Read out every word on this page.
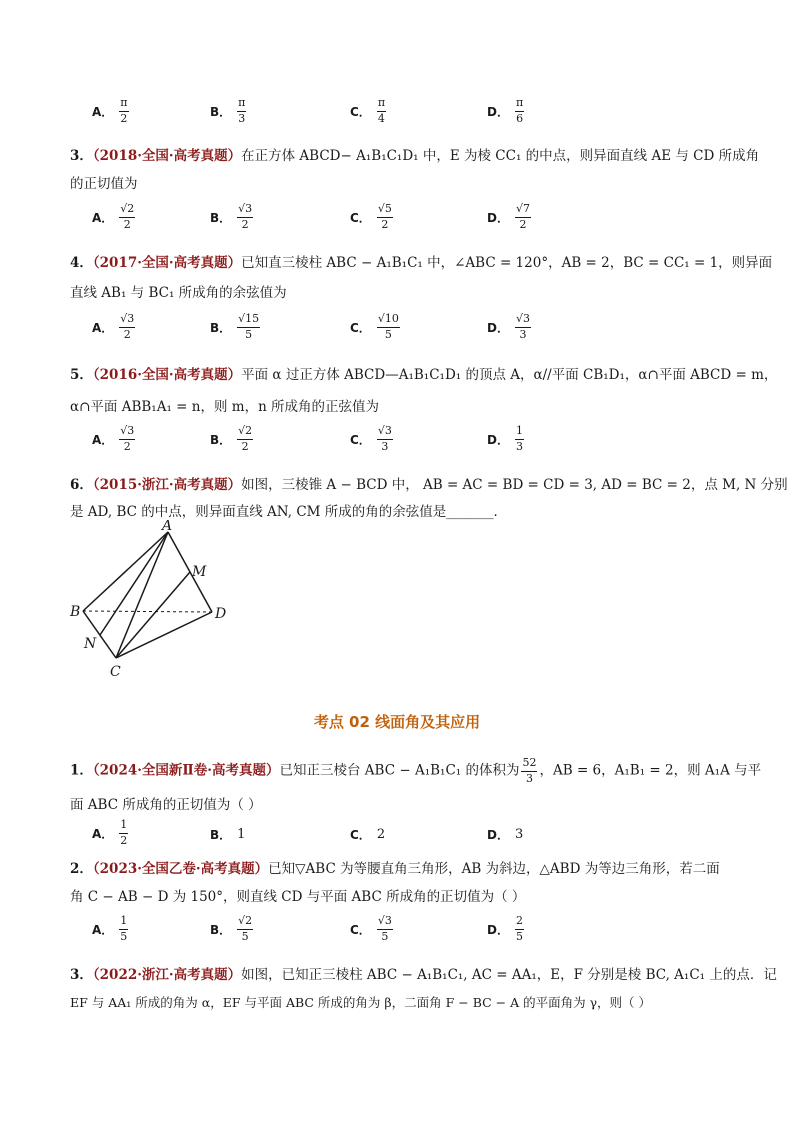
A． $\frac{\pi}{2}$	B． $\frac{\pi}{3}$	C． $\frac{\pi}{4}$	D． $\frac{\pi}{6}$
3．（2018·全国·高考真题）在正方体 ABCD− A₁B₁C₁D₁ 中，E 为棱 CC₁ 的中点，则异面直线 AE 与 CD 所成角
的正切值为
A． $\frac{√2}{2}$	B． $\frac{√3}{2}$	C． $\frac{√5}{2}$	D． $\frac{√7}{2}$
4．（2017·全国·高考真题）已知直三棱柱 ABC − A₁B₁C₁ 中，∠ABC = 120°，AB = 2，BC = CC₁ = 1，则异面
直线 AB₁ 与 BC₁ 所成角的余弦值为
A． $\frac{√3}{2}$	B． $\frac{√15}{5}$	C． $\frac{√10}{5}$	D． $\frac{√3}{3}$
5．（2016·全国·高考真题）平面 α 过正方体 ABCD—A₁B₁C₁D₁ 的顶点 A，α//平面 CB₁D₁，α∩平面 ABCD = m，
α∩平面 ABB₁A₁ = n，则 m，n 所成角的正弦值为
A． $\frac{√3}{2}$	B． $\frac{√2}{2}$	C． $\frac{√3}{3}$	D． $\frac{1}{3}$
6．（2015·浙江·高考真题）如图，三棱锥 A − BCD 中， AB = AC = BD = CD = 3, AD = BC = 2，点 M, N 分别
是 AD, BC 的中点，则异面直线 AN, CM 所成的角的余弦值是_______．
A
B
C
D
M
N
考点 02 线面角及其应用
1．（2024·全国新Ⅱ卷·高考真题）已知正三棱台 ABC − A₁B₁C₁ 的体积为 $\frac{52}{3}$ ，AB = 6，A₁B₁ = 2，则 A₁A 与平
面 ABC 所成角的正切值为（ ）
A． $\frac{1}{2}$	B． 1	C． 2	D． 3
2．（2023·全国乙卷·高考真题）已知▽ABC 为等腰直角三角形，AB 为斜边，△ABD 为等边三角形，若二面
角 C − AB − D 为 150°，则直线 CD 与平面 ABC 所成角的正切值为（ ）
A． $\frac{1}{5}$	B． $\frac{√2}{5}$	C． $\frac{√3}{5}$	D． $\frac{2}{5}$
3．（2022·浙江·高考真题）如图，已知正三棱柱 ABC − A₁B₁C₁, AC = AA₁，E，F 分别是棱 BC, A₁C₁ 上的点．记
EF 与 AA₁ 所成的角为 α，EF 与平面 ABC 所成的角为 β，二面角 F − BC − A 的平面角为 γ，则（ ）
